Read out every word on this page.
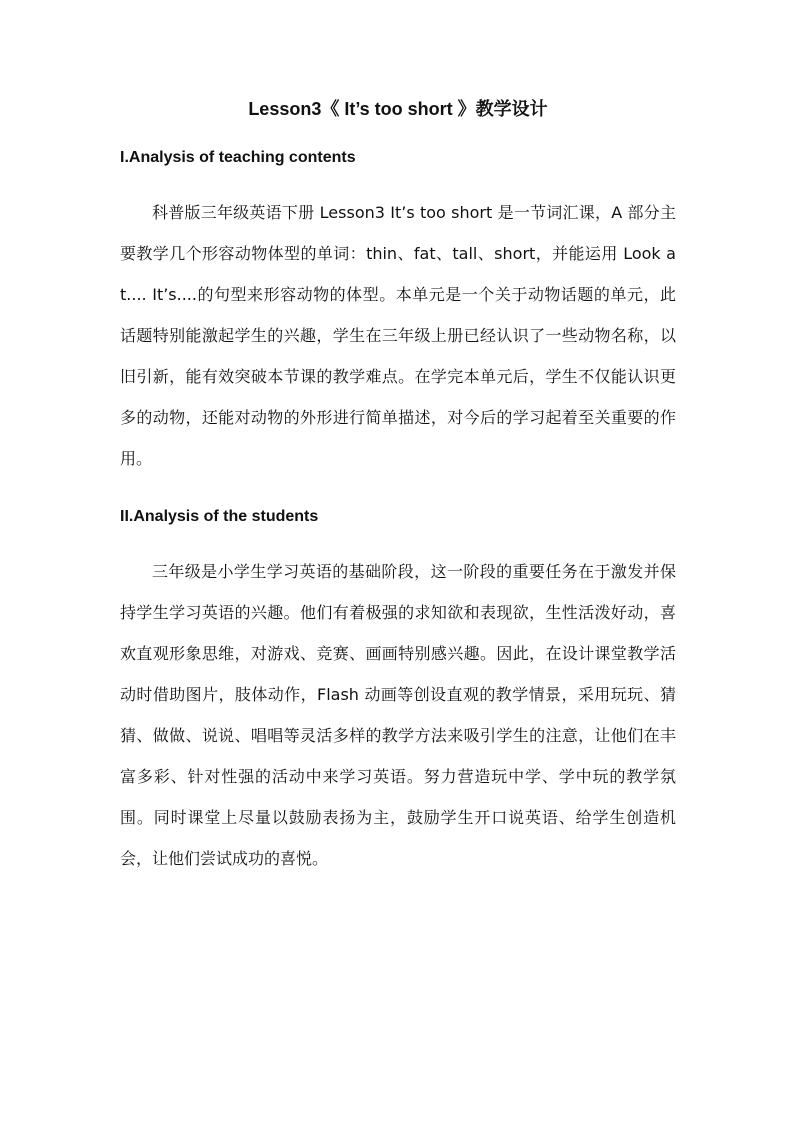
Lesson3《 It’s too short 》教学设计
I.Analysis of teaching contents

科普版三年级英语下册 Lesson3 It’s too short 是一节词汇课，A 部分主要教学几个形容动物体型的单词：thin、fat、tall、short，并能运用 Look at.... It’s....的句型来形容动物的体型。本单元是一个关于动物话题的单元，此话题特别能激起学生的兴趣，学生在三年级上册已经认识了一些动物名称，以旧引新，能有效突破本节课的教学难点。在学完本单元后，学生不仅能认识更多的动物，还能对动物的外形进行简单描述，对今后的学习起着至关重要的作用。

II.Analysis of the students

三年级是小学生学习英语的基础阶段，这一阶段的重要任务在于激发并保持学生学习英语的兴趣。他们有着极强的求知欲和表现欲，生性活泼好动，喜欢直观形象思维，对游戏、竞赛、画画特别感兴趣。因此，在设计课堂教学活动时借助图片，肢体动作，Flash 动画等创设直观的教学情景，采用玩玩、猜猜、做做、说说、唱唱等灵活多样的教学方法来吸引学生的注意，让他们在丰富多彩、针对性强的活动中来学习英语。努力营造玩中学、学中玩的教学氛围。同时课堂上尽量以鼓励表扬为主，鼓励学生开口说英语、给学生创造机会，让他们尝试成功的喜悦。
